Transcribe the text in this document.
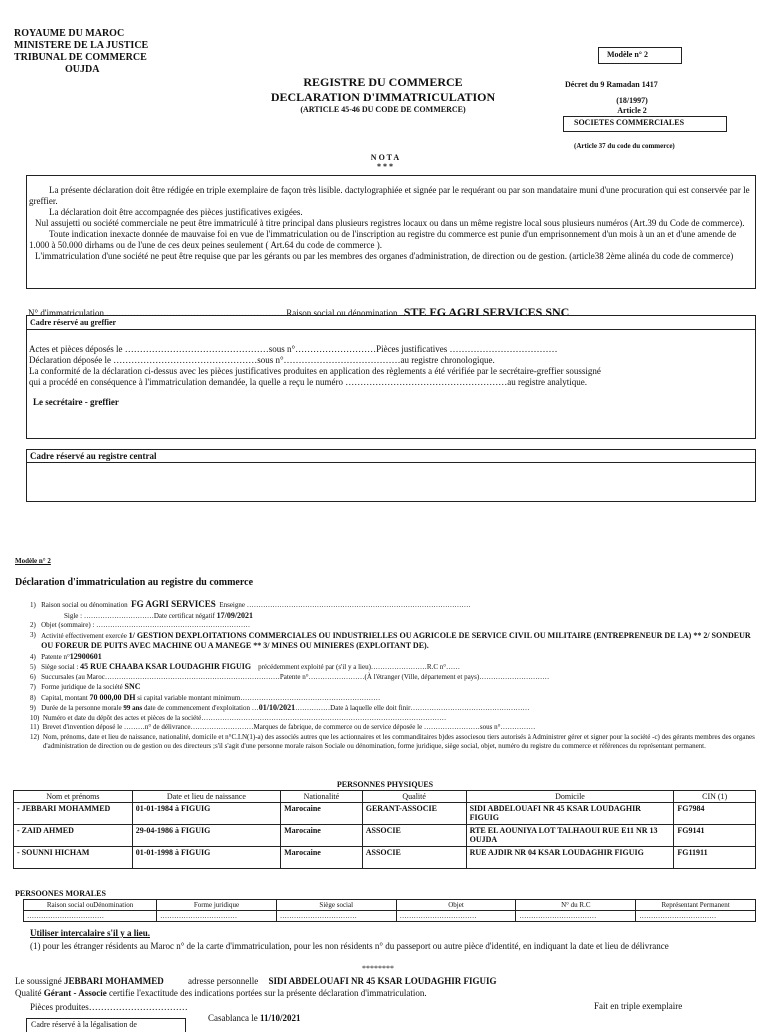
ROYAUME DU MAROC
MINISTERE DE LA JUSTICE
TRIBUNAL DE COMMERCE
OUJDA
Modèle n° 2
REGISTRE DU COMMERCE
DECLARATION D'IMMATRICULATION
(ARTICLE 45-46 DU CODE DE COMMERCE)
Décret du 9 Ramadan 1417
(18/1997)
Article 2
SOCIETES COMMERCIALES
(Article 37 du code du commerce)
N O T A
* * *
La présente déclaration doit être rédigée en triple exemplaire de façon très lisible. dactylographiée et signée par le requérant ou par son mandataire muni d'une procuration qui est conservée par le greffier.
La déclaration doit être accompagnée des pièces justificatives exigées.
Nul assujetti ou société commerciale ne peut être immatriculé à titre principal dans plusieurs registres locaux ou dans un même registre local sous plusieurs numéros (Art.39 du Code de commerce).
Toute indication inexacte donnée de mauvaise foi en vue de l'immatriculation ou de l'inscription au registre du commerce est punie d'un emprisonnement d'un mois à un an et d'une amende de 1.000 à 50.000 dirhams ou de l'une de ces deux peines seulement ( Art.64 du code de commerce ).
L'immatriculation d'une société ne peut être requise que par les gérants ou par les membres des organes d'administration, de direction ou de gestion. (article38 2ème alinéa du code de commerce)
N° d'immatriculation ……………………………………………………Raison social ou dénomination STE FG AGRI SERVICES SNC
Cadre réservé au greffier
Actes et pièces déposés le …………………………………………sous n°………………………Pièces justificatives ………………………………
Déclaration déposée le …………………………………………sous n°…………………………………au registre chronologique.
La conformité de la déclaration ci-dessus avec les pièces justificatives produites en application des règlements a été vérifiée par le secrétaire-greffier soussigné
qui a procédé en conséquence à l'immatriculation demandée, la quelle a reçu le numéro ………………………………………………au registre analytique.
Le secrétaire - greffier
Cadre réservé au registre central
Modèle n° 2
Déclaration d'immatriculation au registre du commerce
1)   Raison social ou dénomination FG AGRI SERVICES Enseigne ……………………………………………………………………………………
Sigle : …………………………Date certificat négatif 17/09/2021
2)   Objet (sommaire) : …………………………………………………………
3) Activité effectivement exercée 1/ GESTION DEXPLOITATIONS COMMERCIALES OU INDUSTRIELLES OU AGRICOLE DE SERVICE CIVIL OU MILITAIRE (ENTREPRENEUR DE LA) ** 2/ SONDEUR OU FOREUR DE PUITS AVEC MACHINE OU A MANEGE ** 3/ MINES OU MINIERES (EXPLOITANT DE).
4)   Patente n°12900601
5)   Siège social : 45 RUE CHAABA KSAR LOUDAGHIR FIGUIG précédemment exploité par (s'il y a lieu)……………………R.C n°……
6)   Succursales (au Maroc…………………………………………………………………Patente n°……………………(À l'étranger (Ville, département et pays)…………………………
7)   Forme juridique de la société SNC
8)   Capital, montant 70 000,00 DH si capital variable montant minimum……………………………………………………
9)   Durée de la personne morale 99 ans date de commencement d'exploitation …01/10/2021……………Date à laquelle elle doit finir……………………………………………
10)  Numéro et date du dépôt des actes et pièces de la société……………………………………………………………………………………………
11)  Brevet d'invention déposé le ………n° de délivrance………………………Marques de fabrique, de commerce ou de service déposée le ……………………sous n°……………
12) Nom, prénoms, date et lieu de naissance, nationalité, domicile et n°C.I.N(1)-a) des associés autres que les actionnaires et les commanditaires b)des associesou tiers autorisés à Administrer gérer et signer pour la société -c) des gérants membres des organes d'administration de direction ou de gestion ou des directeurs ;s'il s'agit d'une personne morale raison Sociale ou dénomination, forme juridique, siège social, objet, numéro du registre du commerce et références du représentant permanent.
PERSONNES PHYSIQUES
Nom et prénoms	Date et lieu de naissance	Nationalité	Qualité	Domicile	CIN (1)
- JEBBARI MOHAMMED	01-01-1984 à FIGUIG	Marocaine	GERANT-ASSOCIE	SIDI ABDELOUAFI NR 45 KSAR LOUDAGHIR FIGUIG	FG7984
- ZAID AHMED	29-04-1986 à FIGUIG	Marocaine	ASSOCIE	RTE EL AOUNIYA LOT TALHAOUI RUE E11 NR 13 OUJDA	FG9141
- SOUNNI HICHAM	01-01-1998 à FIGUIG	Marocaine	ASSOCIE	RUE AJDIR NR 04 KSAR LOUDAGHIR FIGUIG	FG11911
PERSOONES MORALES
Raison social ouDénomination	Forme juridique	Siège social	Objet	N° du R.C	Représentant Permanent
……………………………	……………………………	……………………………	……………………………	……………………………	……………………………
Utiliser intercalaire s'il y a lieu.
(1) pour les étranger résidents au Maroc n° de la carte d'immatriculation, pour les non résidents n° du passeport ou autre pièce d'identité, en indiquant la date et lieu de délivrance
********
Le soussigné JEBBARI MOHAMMED	adresse personnelle SIDI ABDELOUAFI NR 45 KSAR LOUDAGHIR FIGUIG
Qualité Gérant - Associe certifie l'exactitude des indications portées sur la présente déclaration d'immatriculation.
Pièces produites……………………………	Fait en triple exemplaire
Cadre réservé à la légalisation de
Casablanca le 11/10/2021
